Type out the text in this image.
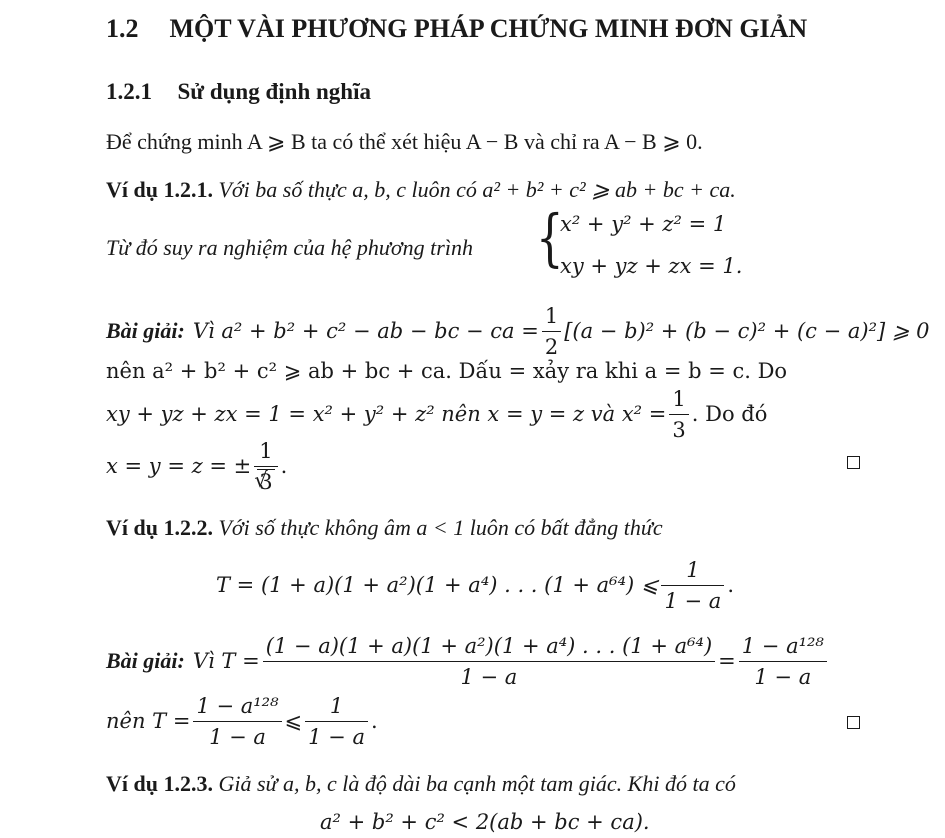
1.2 MỘT VÀI PHƯƠNG PHÁP CHỨNG MINH ĐƠN GIẢN
1.2.1 Sử dụng định nghĩa
Để chứng minh A ⩾ B ta có thể xét hiệu A − B và chỉ ra A − B ⩾ 0.
Ví dụ 1.2.1. Với ba số thực a, b, c luôn có a² + b² + c² ⩾ ab + bc + ca.
Từ đó suy ra nghiệm của hệ phương trình {
x² + y² + z² = 1
xy + yz + zx = 1.
Bài giải: Vì a² + b² + c² − ab − bc − ca = $\frac{1}{2} [(a - b)^2 + (b - c)^2 + (c - a)^2]$ ⩾ 0
nên a² + b² + c² ⩾ ab + bc + ca. Dấu = xảy ra khi a = b = c. Do
xy + yz + zx = 1 = x² + y² + z² nên x = y = z và $x^2 = \frac{1}{3}$ . Do đó
x = y = z = ± 1
√ 3 .
Ví dụ 1.2.2. Với số thực không âm a < 1 luôn có bất đẳng thức
T = (1 + a)(1 + a²)(1 + a⁴) . . . (1 + a⁶⁴) ⩽ $\frac{1}{1 - a}$ .
Bài giải: Vì $T = \frac{\text{(1 − a)(1 + a)(1 + a²)(1 + a⁴) . . . (1 + a⁶⁴)}}{1 - a} = \frac{\text{1 − a¹²⁸}}{1 - a}$
nên $T = \frac{\text{1 − a¹²⁸}}{1 - a}$ ⩽ $\frac{1}{1 - a}$ .
Ví dụ 1.2.3. Giả sử a, b, c là độ dài ba cạnh một tam giác. Khi đó ta có
a² + b² + c² < 2(ab + bc + ca).
